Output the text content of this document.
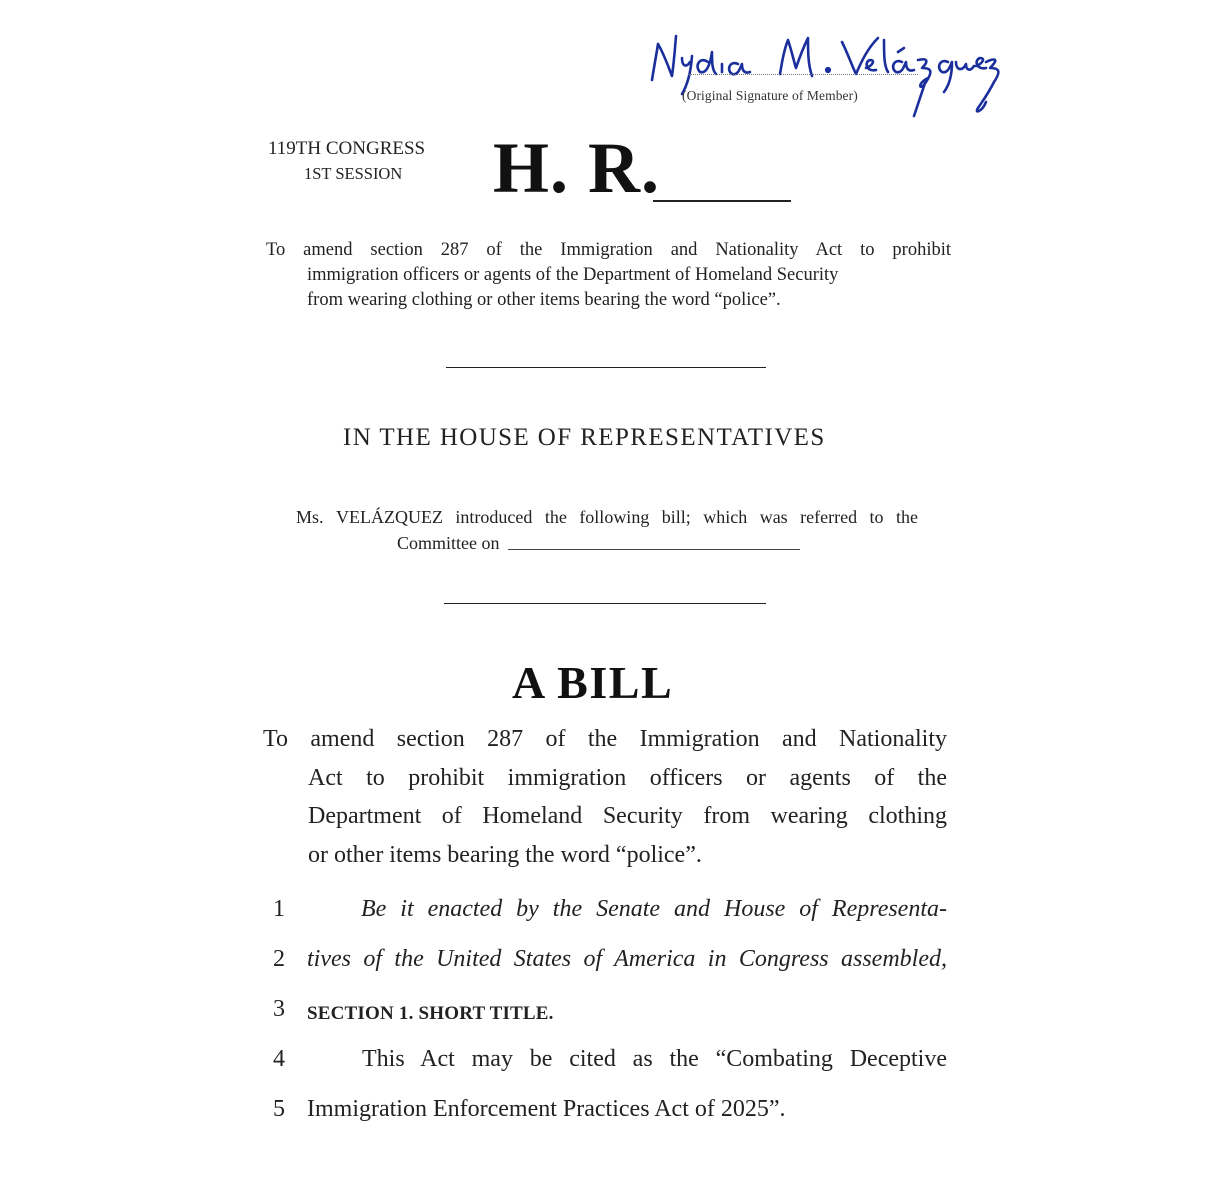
(Original Signature of Member)
119TH CONGRESS
1ST SESSION	H. R.
To amend section 287 of the Immigration and Nationality Act to prohibit
immigration officers or agents of the Department of Homeland Security
from wearing clothing or other items bearing the word “police”.
IN THE HOUSE OF REPRESENTATIVES
Ms. VELÁZQUEZ introduced the following bill; which was referred to the
Committee on
A BILL
To amend section 287 of the Immigration and Nationality
Act to prohibit immigration officers or agents of the
Department of Homeland Security from wearing clothing
or other items bearing the word “police”.
1	Be it enacted by the Senate and House of Representa-
2 tives of the United States of America in Congress assembled,
3	SECTION 1. SHORT TITLE.
4	This Act may be cited as the “Combating Deceptive
5 Immigration Enforcement Practices Act of 2025”.
